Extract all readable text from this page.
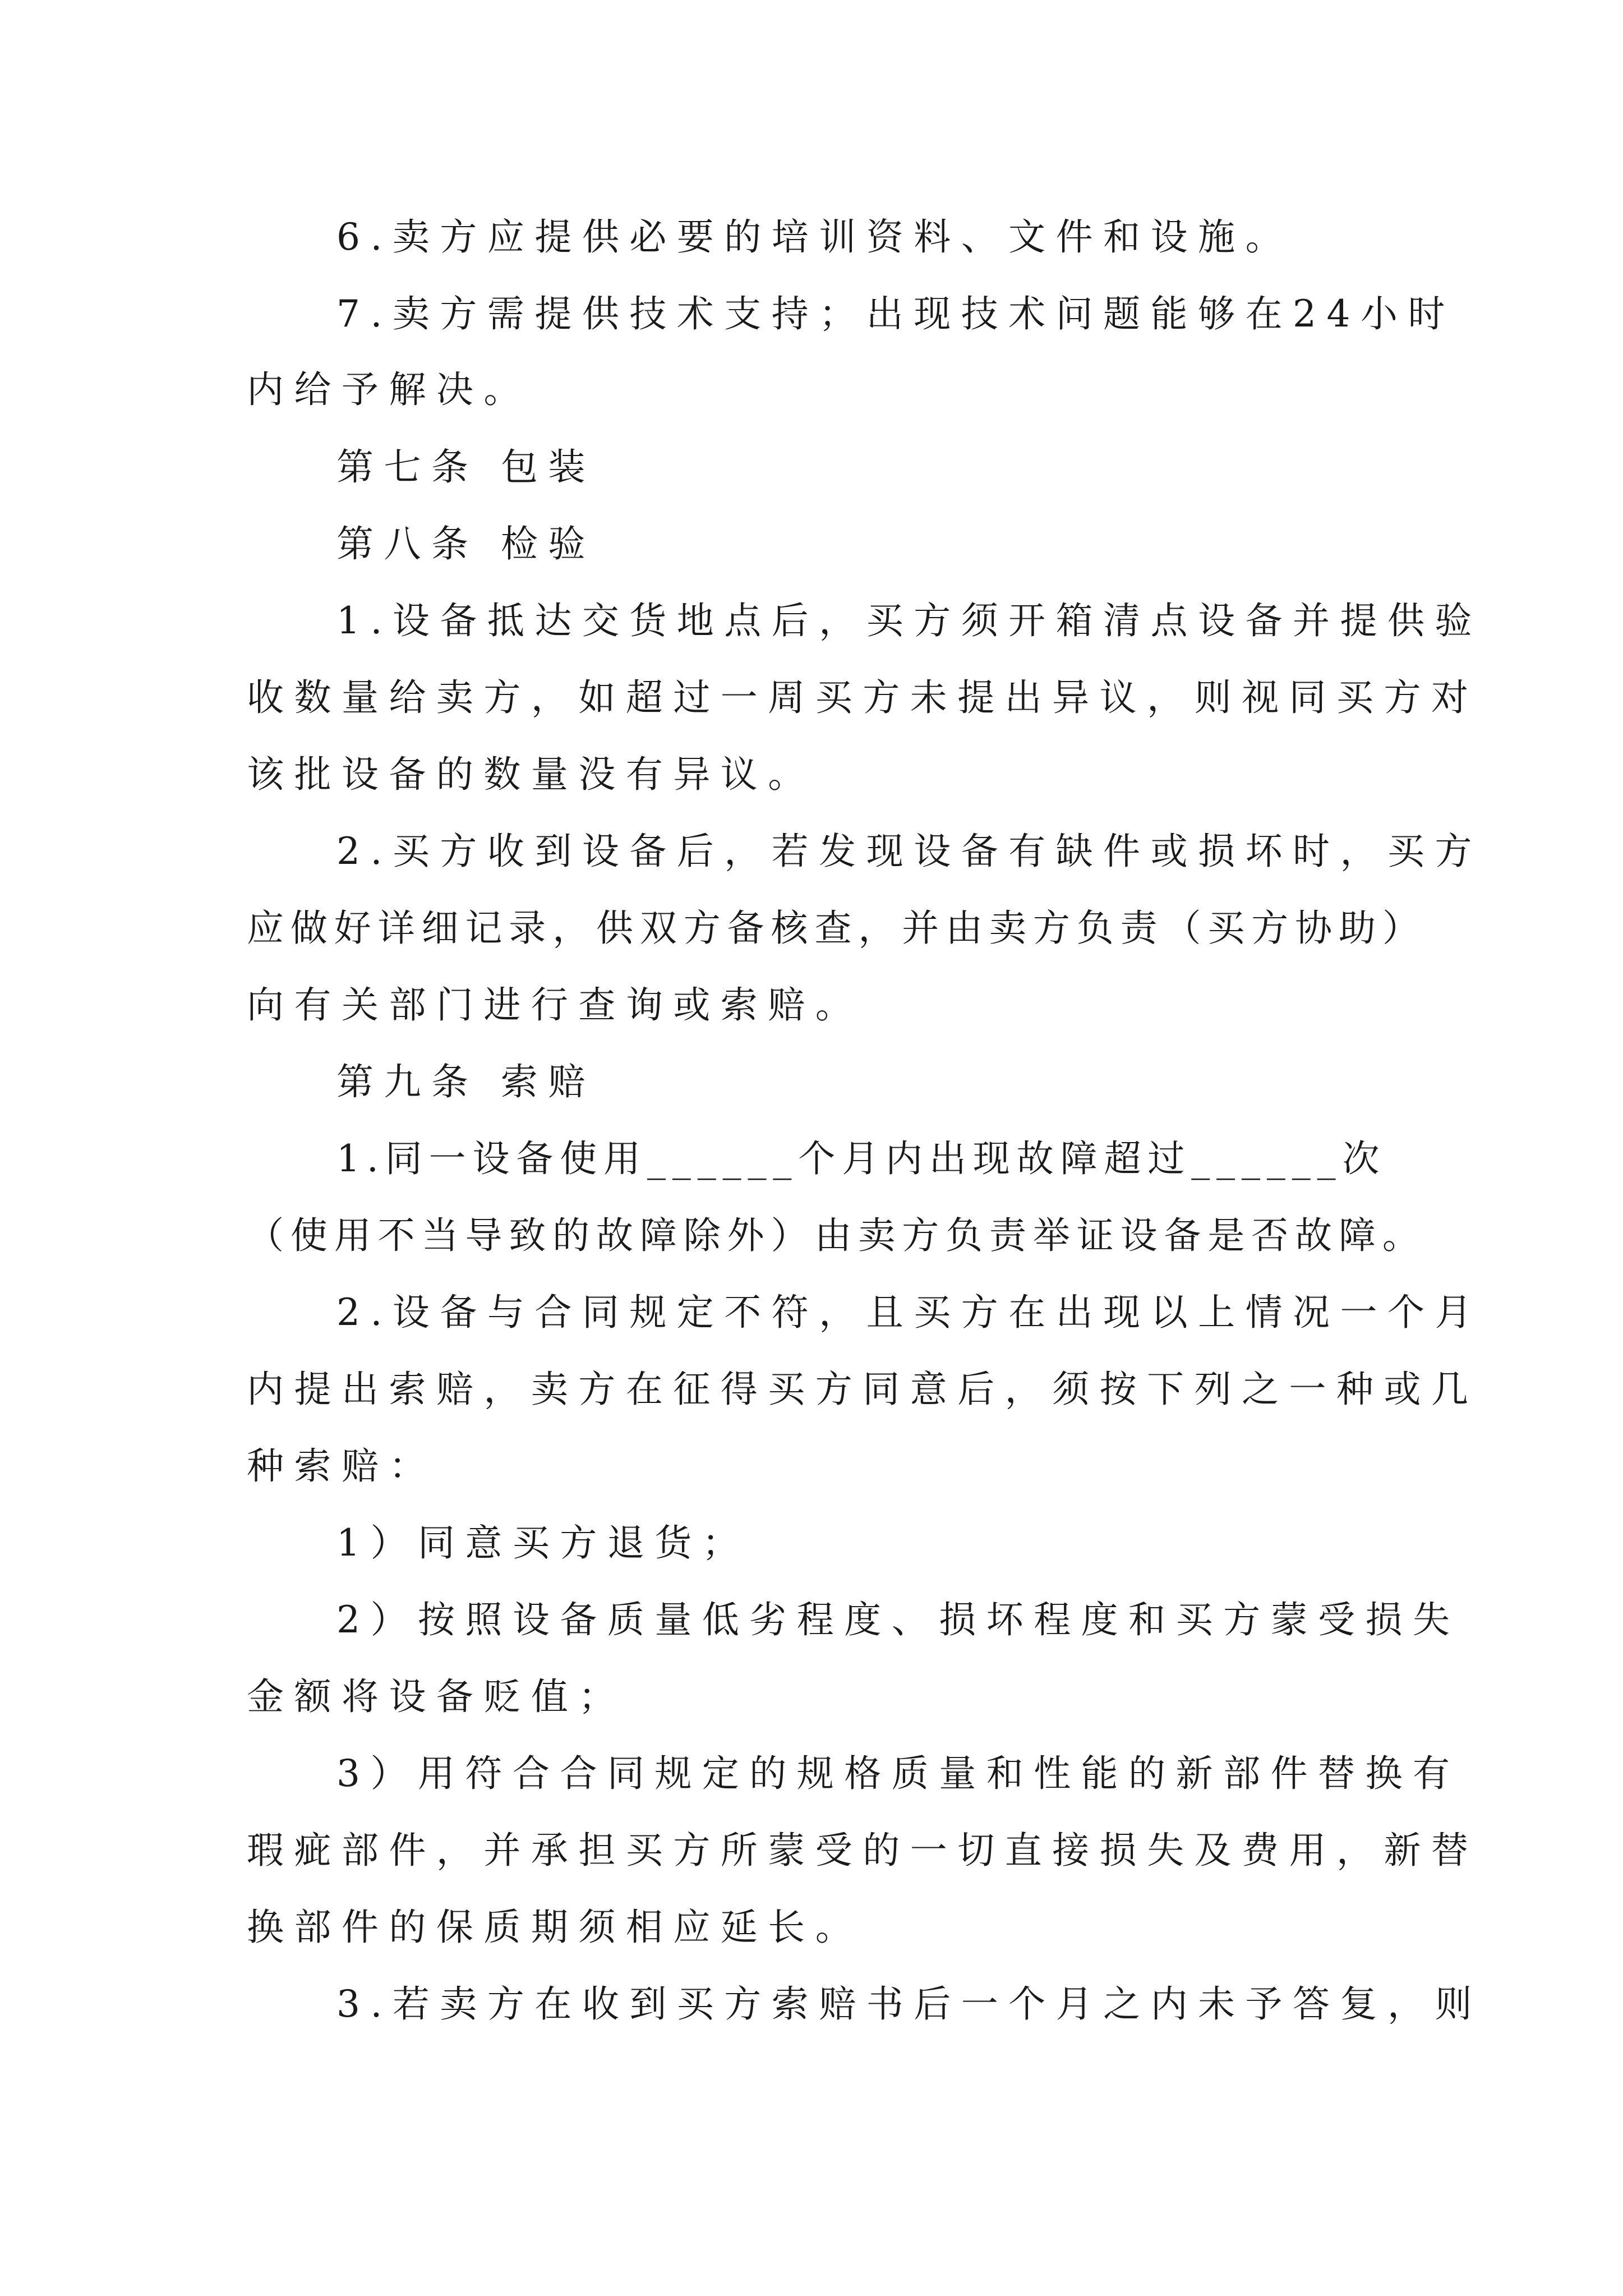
6.卖方应提供必要的培训资料、文件和设施。
7.卖方需提供技术支持；出现技术问题能够在24小时
内给予解决。
第七条 包装
第八条 检验
1.设备抵达交货地点后，买方须开箱清点设备并提供验
收数量给卖方，如超过一周买方未提出异议，则视同买方对
该批设备的数量没有异议。
2.买方收到设备后，若发现设备有缺件或损坏时，买方
应做好详细记录，供双方备核查，并由卖方负责（买方协助）
向有关部门进行查询或索赔。
第九条 索赔
1.同一设备使用______个月内出现故障超过______次
（使用不当导致的故障除外）由卖方负责举证设备是否故障。
2.设备与合同规定不符，且买方在出现以上情况一个月
内提出索赔，卖方在征得买方同意后，须按下列之一种或几
种索赔：
1）同意买方退货；
2）按照设备质量低劣程度、损坏程度和买方蒙受损失
金额将设备贬值；
3）用符合合同规定的规格质量和性能的新部件替换有
瑕疵部件，并承担买方所蒙受的一切直接损失及费用，新替
换部件的保质期须相应延长。
3.若卖方在收到买方索赔书后一个月之内未予答复，则
